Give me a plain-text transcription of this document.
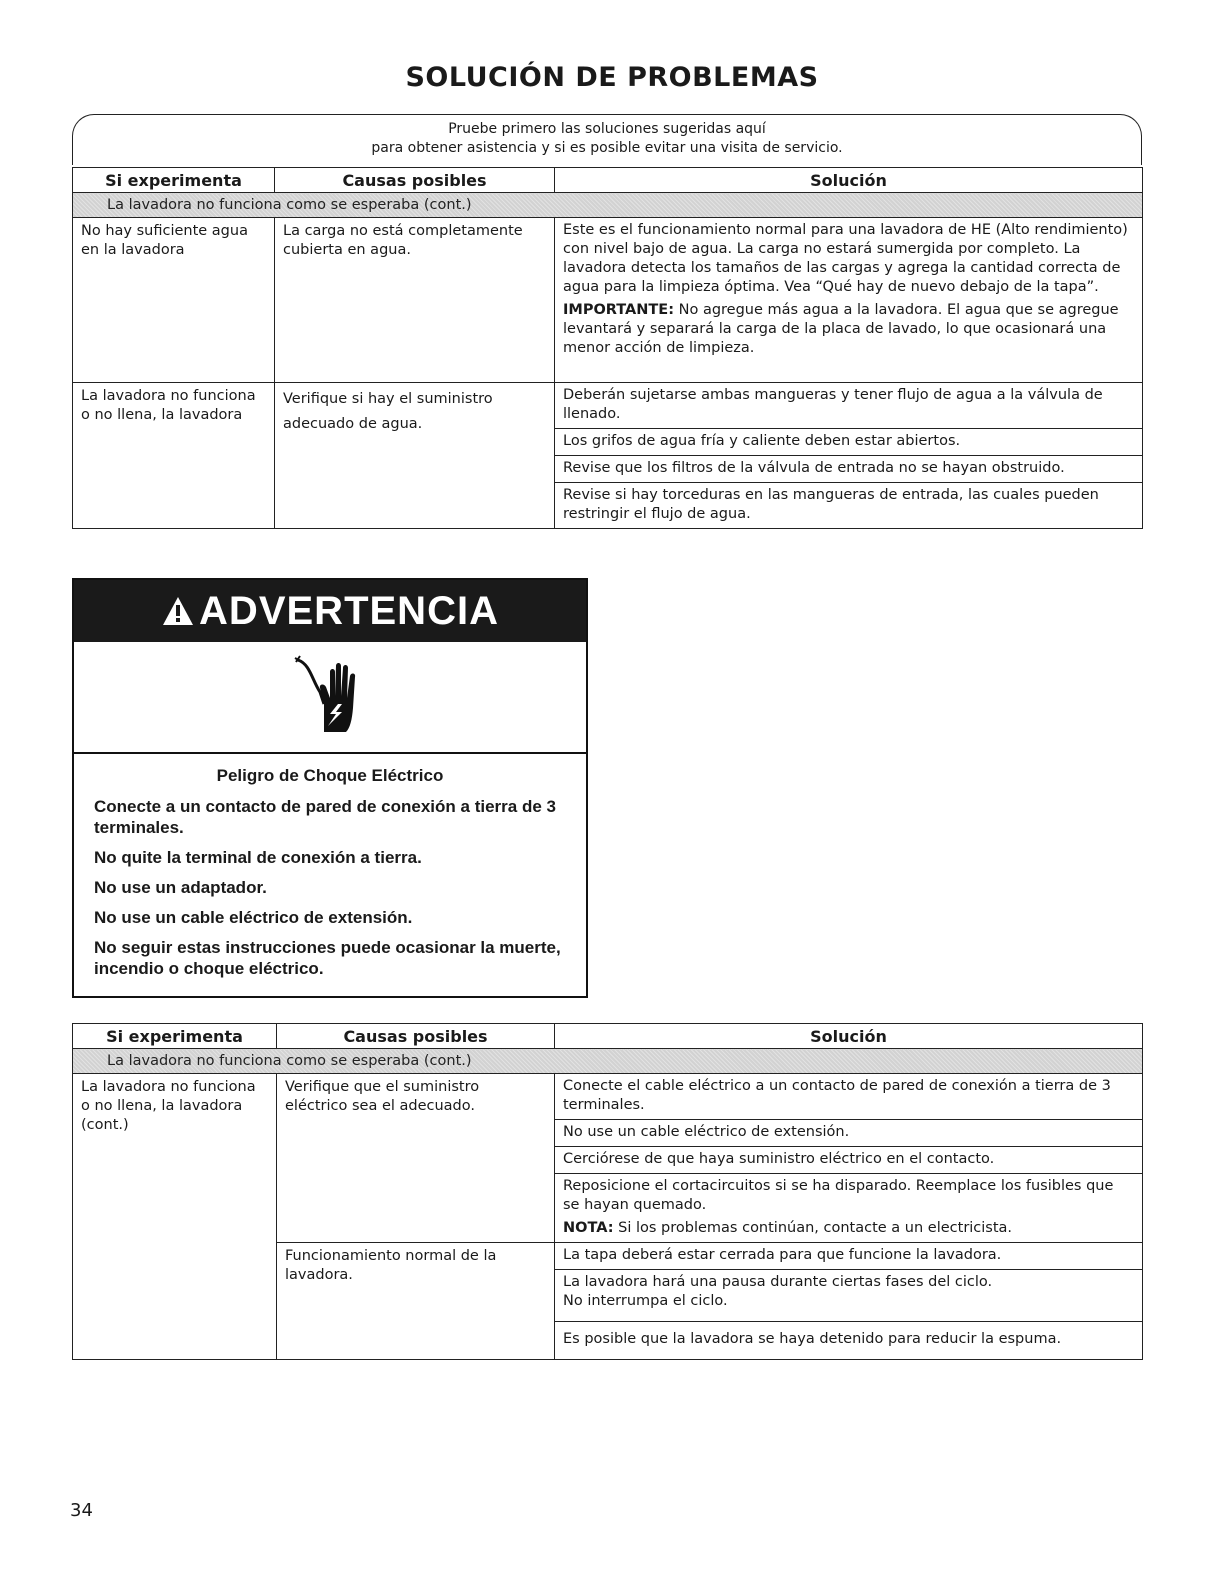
SOLUCIÓN DE PROBLEMAS
Pruebe primero las soluciones sugeridas aquí
para obtener asistencia y si es posible evitar una visita de servicio.
Si experimenta	Causas posibles	Solución
La lavadora no funciona como se esperaba (cont.)		

No hay suficiente agua en la lavadora	La carga no está completamente cubierta en agua.	Este es el funcionamiento normal para una lavadora de HE (Alto rendimiento) con nivel bajo de agua. La carga no estará sumergida por completo. La lavadora detecta los tamaños de las cargas y agrega la cantidad correcta de agua para la limpieza óptima. Vea “Qué hay de nuevo debajo de la tapa”.

IMPORTANTE: No agregue más agua a la lavadora. El agua que se agregue levantará y separará la carga de la placa de lavado, lo que ocasionará una menor acción de limpieza.

La lavadora no funciona o no llena, la lavadora	Verifique si hay el suministro adecuado de agua.	Deberán sujetarse ambas mangueras y tener flujo de agua a la válvula de llenado.
Los grifos de agua fría y caliente deben estar abiertos.
Revise que los filtros de la válvula de entrada no se hayan obstruido.
Revise si hay torceduras en las mangueras de entrada, las cuales pueden restringir el flujo de agua.
ADVERTENCIA
Peligro de Choque Eléctrico
Conecte a un contacto de pared de conexión a tierra de 3 terminales.
No quite la terminal de conexión a tierra.
No use un adaptador.
No use un cable eléctrico de extensión.
No seguir estas instrucciones puede ocasionar la muerte, incendio o choque eléctrico.
Si experimenta	Causas posibles	Solución
La lavadora no funciona como se esperaba (cont.)		

La lavadora no funciona o no llena, la lavadora (cont.)	Verifique que el suministro eléctrico sea el adecuado.	Conecte el cable eléctrico a un contacto de pared de conexión a tierra de 3 terminales.
No use un cable eléctrico de extensión.
Cerciórese de que haya suministro eléctrico en el contacto.

Reposicione el cortacircuitos si se ha disparado. Reemplace los fusibles que se hayan quemado.

NOTA: Si los problemas continúan, contacte a un electricista.

	Funcionamiento normal de la lavadora.	La tapa deberá estar cerrada para que funcione la lavadora.
La lavadora hará una pausa durante ciertas fases del ciclo.
No interrumpa el ciclo.
Es posible que la lavadora se haya detenido para reducir la espuma.
34
